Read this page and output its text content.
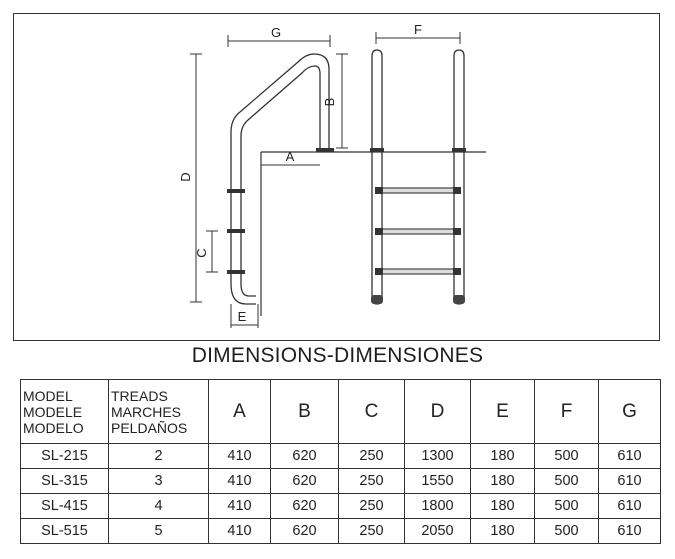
G
B
A
D
C
E
F
DIMENSIONS-DIMENSIONES
MODEL
MODELE
MODELO	TREADS
MARCHES
PELDAÑOS	A	B	C	D	E	F	G
SL-215	2	410	620	250	1300	180	500	610
SL-315	3	410	620	250	1550	180	500	610
SL-415	4	410	620	250	1800	180	500	610
SL-515	5	410	620	250	2050	180	500	610
